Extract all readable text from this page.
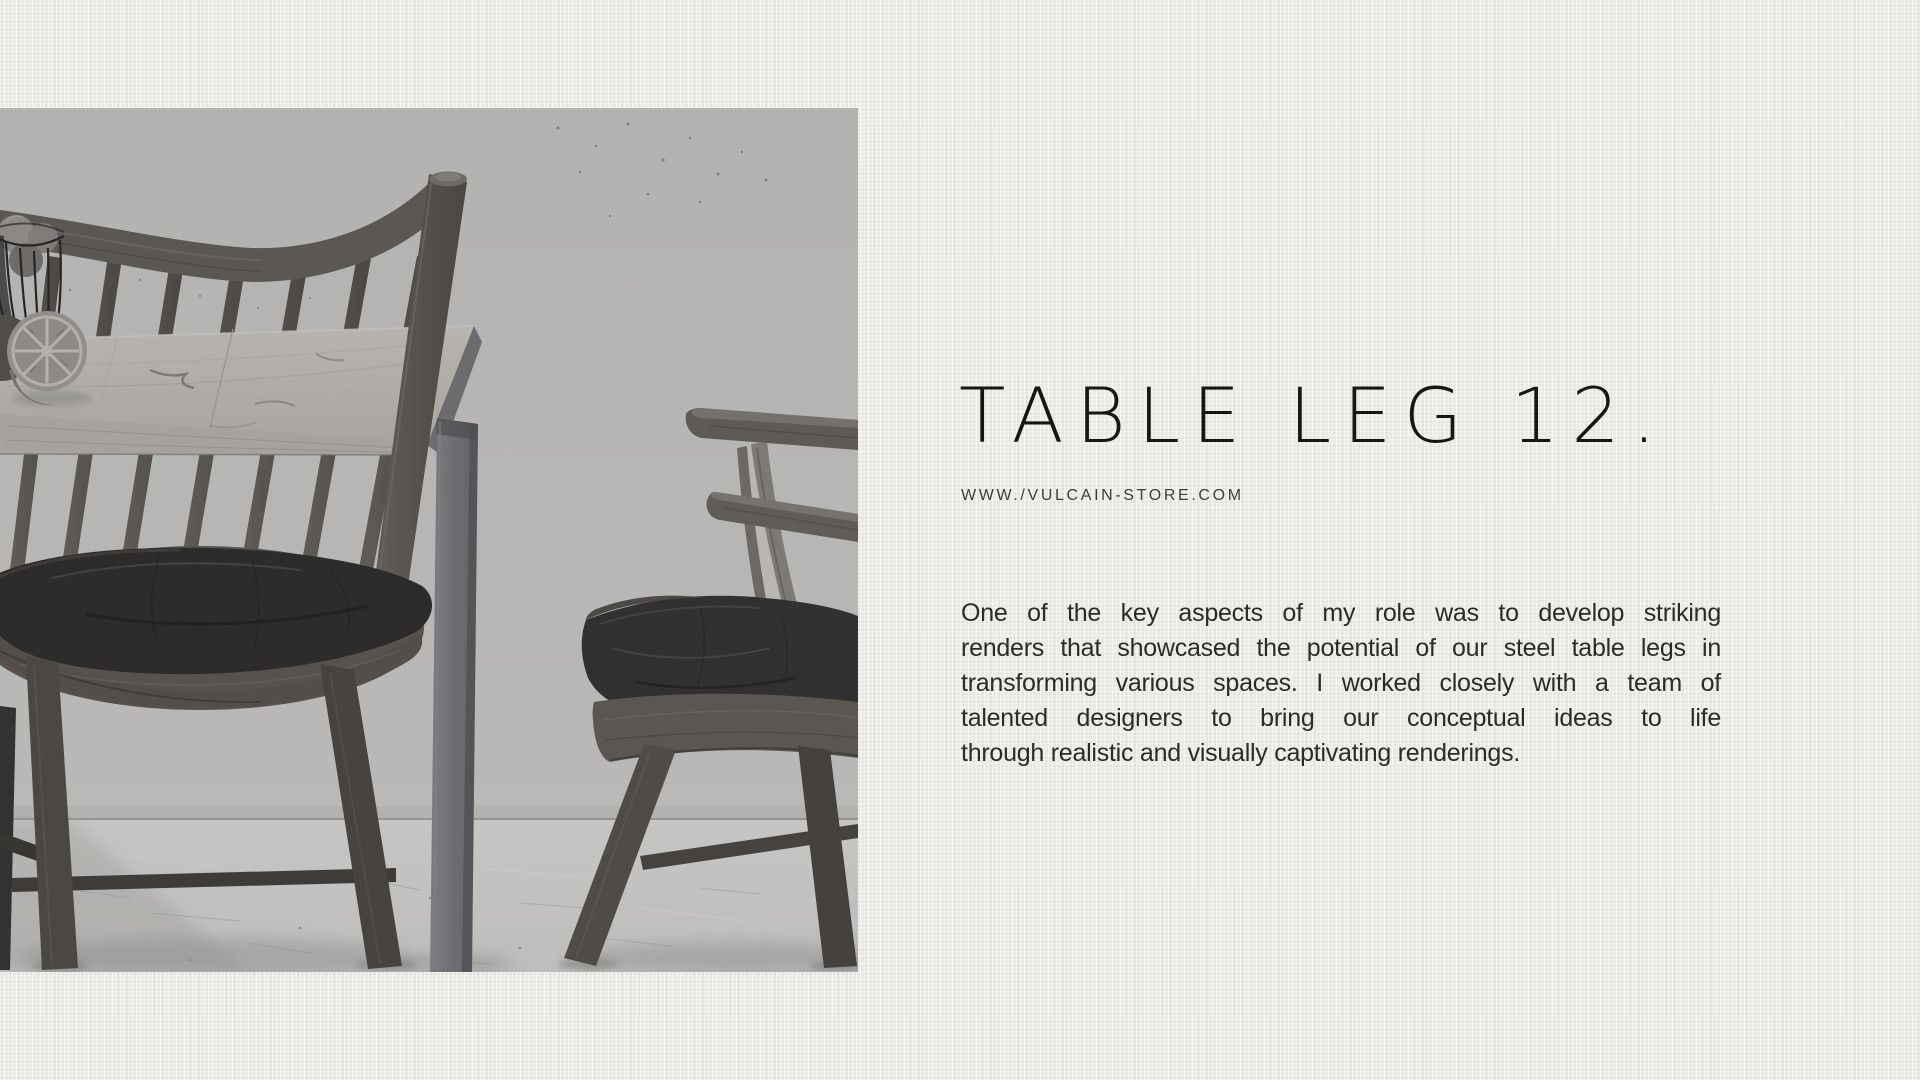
TABLE LEG 12.
WWW./VULCAIN-STORE.COM
One of the key aspects of my role was to develop striking
renders that showcased the potential of our steel table legs in
transforming various spaces. I worked closely with a team of
talented designers to bring our conceptual ideas to life
through realistic and visually captivating renderings.
